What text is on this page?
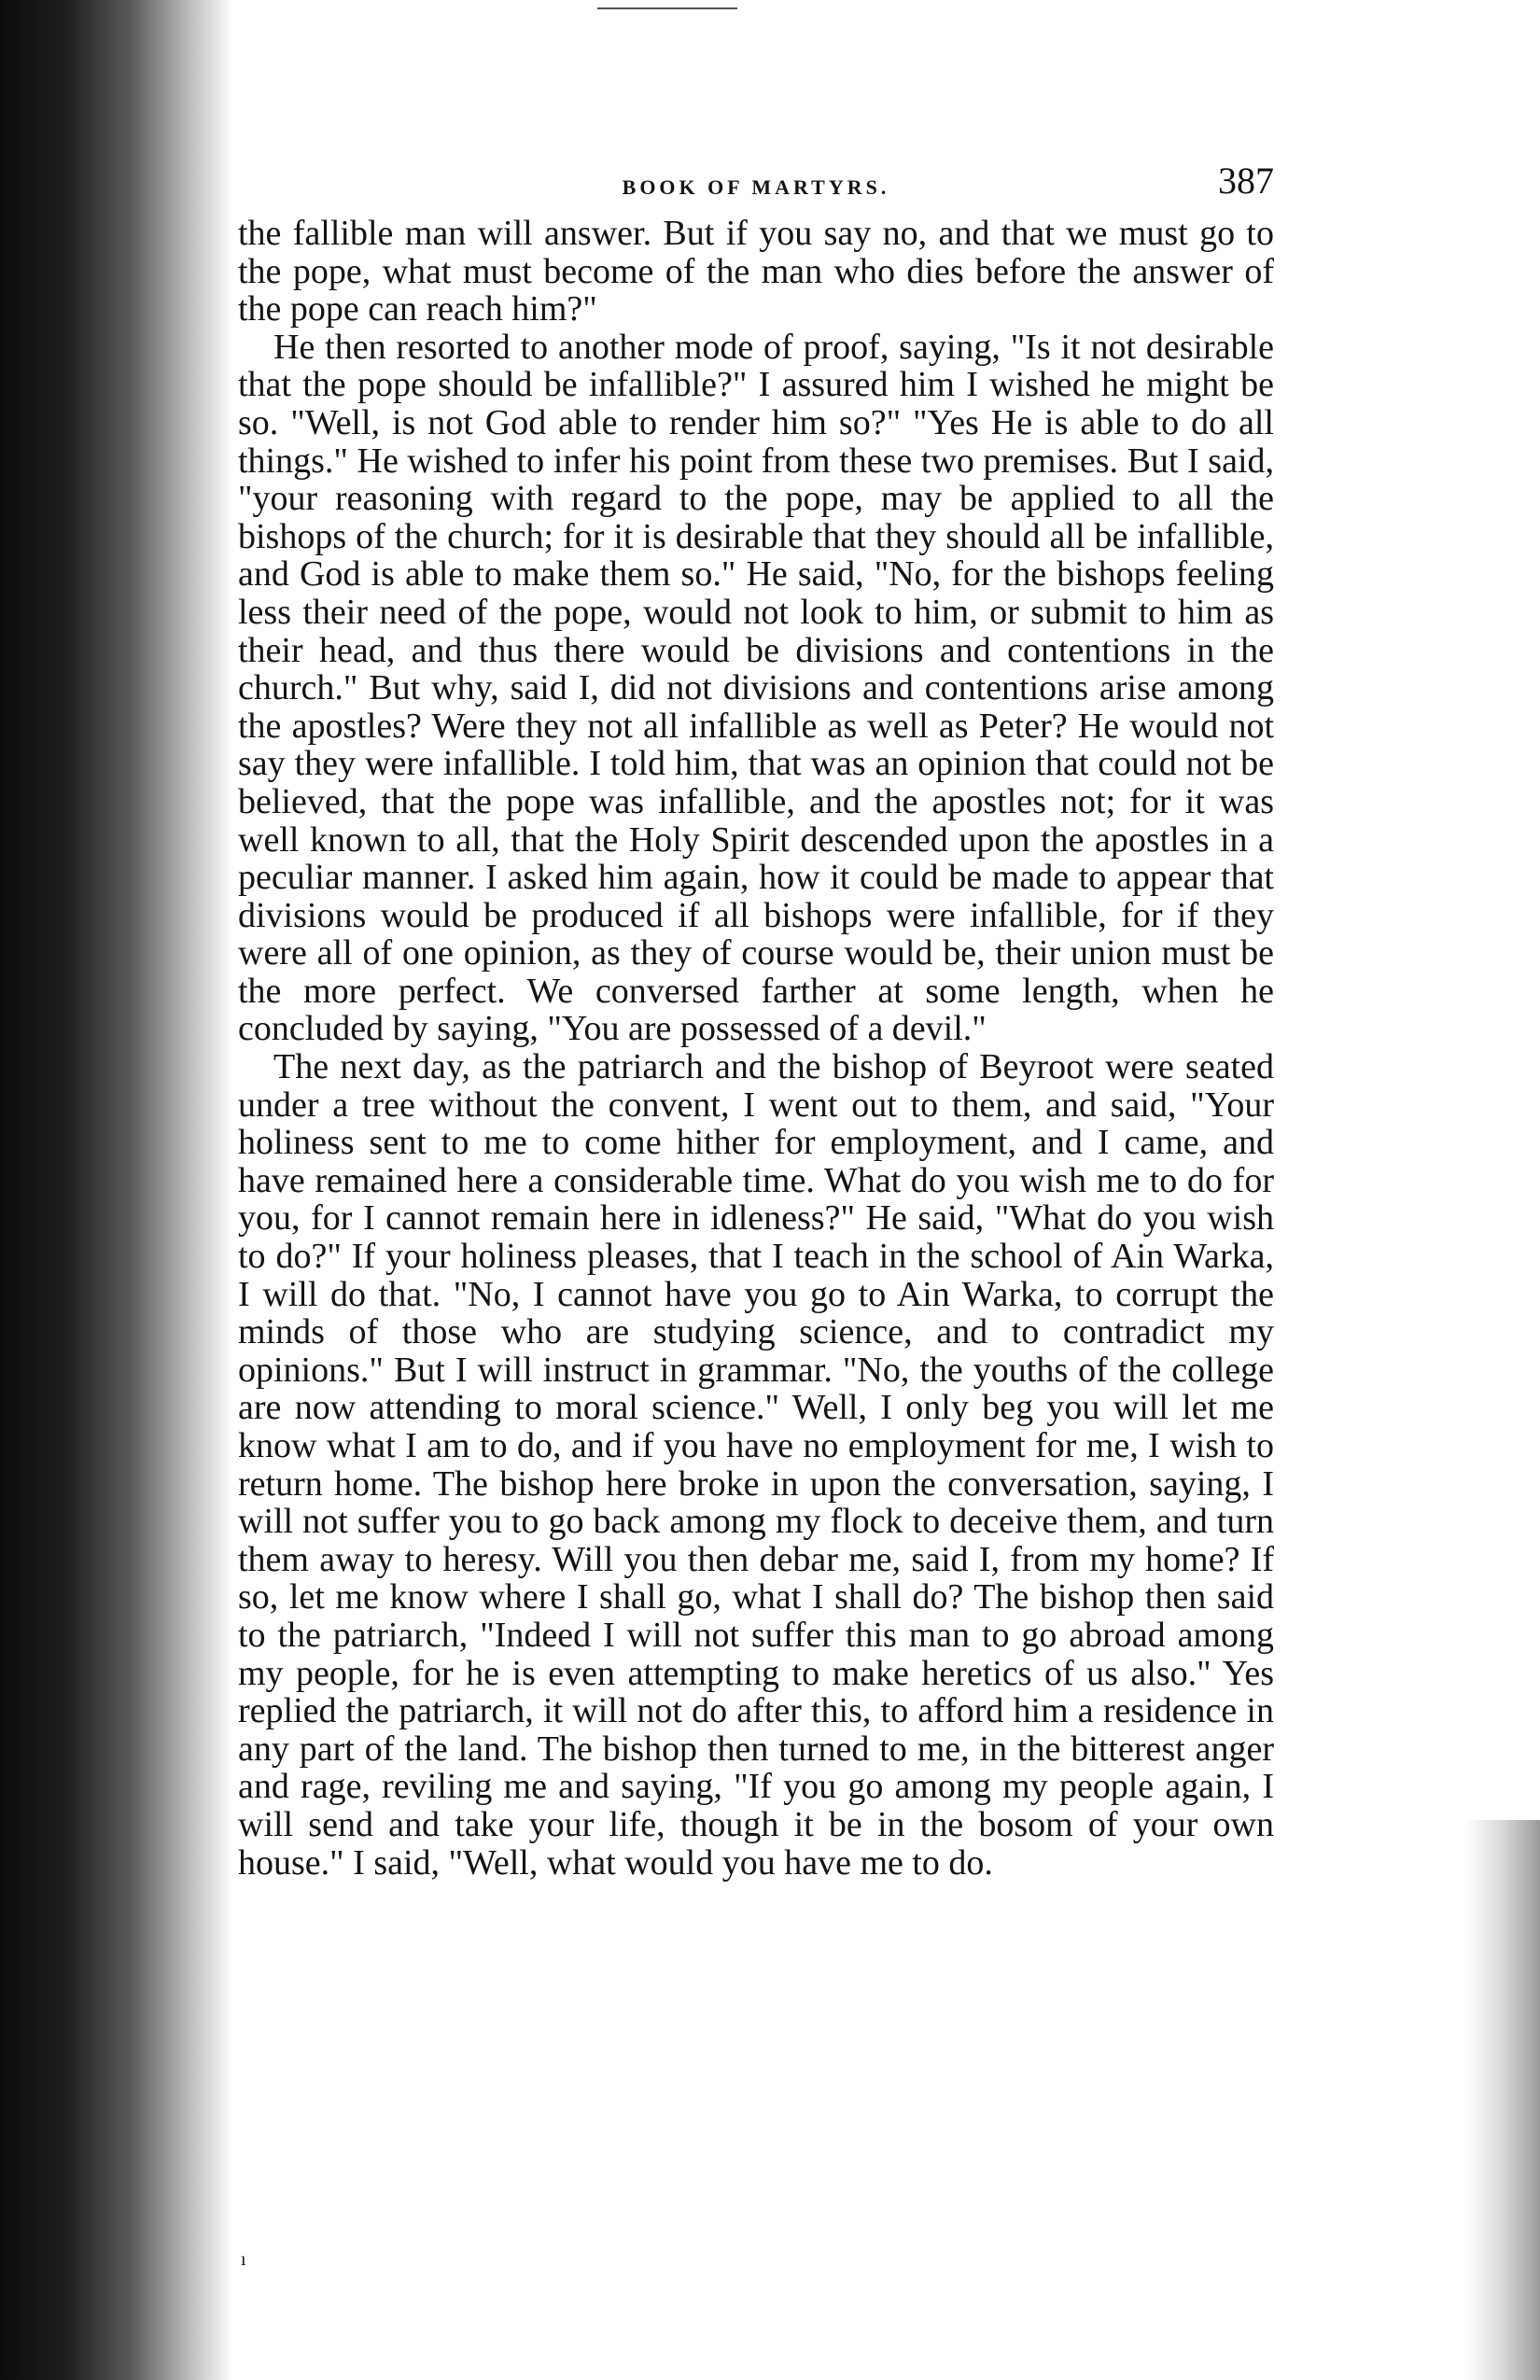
BOOK OF MARTYRS.	387

the fallible man will answer. But if you say no, and that we must go to the pope, what must become of the man who dies before the answer of the pope can reach him?"

He then resorted to another mode of proof, saying, "Is it not desirable that the pope should be infallible?" I assured him I wished he might be so. "Well, is not God able to render him so?" "Yes He is able to do all things." He wished to infer his point from these two premises. But I said, "your reasoning with regard to the pope, may be applied to all the bishops of the church; for it is desirable that they should all be infallible, and God is able to make them so." He said, "No, for the bishops feeling less their need of the pope, would not look to him, or submit to him as their head, and thus there would be divisions and contentions in the church." But why, said I, did not divisions and contentions arise among the apostles? Were they not all infallible as well as Peter? He would not say they were infallible. I told him, that was an opinion that could not be believed, that the pope was infallible, and the apostles not; for it was well known to all, that the Holy Spirit descended upon the apostles in a peculiar manner. I asked him again, how it could be made to appear that divisions would be produced if all bishops were infallible, for if they were all of one opinion, as they of course would be, their union must be the more perfect. We conversed farther at some length, when he concluded by saying, "You are possessed of a devil."

The next day, as the patriarch and the bishop of Beyroot were seated under a tree without the convent, I went out to them, and said, "Your holiness sent to me to come hither for employment, and I came, and have remained here a considerable time. What do you wish me to do for you, for I cannot remain here in idleness?" He said, "What do you wish to do?" If your holiness pleases, that I teach in the school of Ain Warka, I will do that. "No, I cannot have you go to Ain Warka, to corrupt the minds of those who are studying science, and to contradict my opinions." But I will instruct in grammar. "No, the youths of the college are now attending to moral science." Well, I only beg you will let me know what I am to do, and if you have no employment for me, I wish to return home. The bishop here broke in upon the conversation, saying, I will not suffer you to go back among my flock to deceive them, and turn them away to heresy. Will you then debar me, said I, from my home? If so, let me know where I shall go, what I shall do? The bishop then said to the patriarch, "Indeed I will not suffer this man to go abroad among my people, for he is even attempting to make heretics of us also." Yes replied the patriarch, it will not do after this, to afford him a residence in any part of the land. The bishop then turned to me, in the bitterest anger and rage, reviling me and saying, "If you go among my people again, I will send and take your life, though it be in the bosom of your own house." I said, "Well, what would you have me to do.

ı
